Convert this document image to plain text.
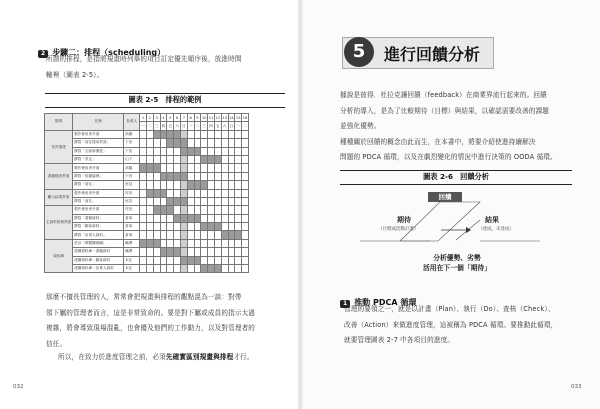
2 步驟二：排程（scheduling）
所謂的排程，是指將規畫時列舉的項目訂定優先順序後，放進時間
軸裡（圖表 2-5）。
圖表 2-5　排程的範例
類別	任務	負責人	1	2	3	4	5	6	7	8	9	10	11	12	13	14	15	16
			一	二	三	四	五	六	日	一	二	三	四	五	六	日	一	二
首頁重建	製作使用者介面	高橋																
	撰寫「前往搜尋頁面」	下田																
	撰寫「全面新優惠」	下田																
	撰寫「設定」	山下																
書籍搜尋頁面	製作使用者介面	高橋																
	撰寫「按鍵處理」	下田																
	撰寫「前往」	里見																
顯示結果頁面	製作使用者介面	村田																
	撰寫「前往」	里見																
主資料管理頁面	製作使用者介面	村田																
	撰寫「書籍資料」	倉塚																
	撰寫「顧客資料」	倉塚																
	撰寫「負責人資料」	倉塚																
資料庫	設計（實體關係圖）	賴澤																
	建構資料庫－書籍資料	賴澤																
	建構資料庫－顧客資料	本庄																
	建構資料庫－負責人資料	本庄																
那麼不擅長管理的人，常常會把規畫與排程的觀點混為一談：對帶
領下屬的管理者而言，這是非常致命的。要是對下屬或成員的指示太過
複雜，將會導致現場混亂，也會擾及他們的工作動力，以及對管理者的
信任。
所以，在致力於進度管理之前，必須先確實區別規畫與排程才行。
032
5	進行回饋分析
據說是彼得．杜拉克讓回饋（feedback）在商業界流行起來的。回饋
分析的導入，是為了比較期待（目標）與結果，以確認需要改善的課題
並強化優勢。
種種關於回饋的概念由此而生，在本書中，將要介紹使進持續解決
問題的 PDCA 循環，以及在劇烈變化的情況中進行決策的 OODA 循環。
圖表 2-6　回饋分析
回饋
期待
（目標或活動計畫）
結果
（達成、未達成）
分析優勢、劣勢
活用在下一個「期待」
1 推動 PDCA 循環
管理的要領之一，就是以計畫（Plan）、執行（Do）、查核（Check）、
改善（Action）來做進度管理，這被稱為 PDCA 循環。要推動此循環，
就要管理圖表 2-7 中各項目的進度。
033
